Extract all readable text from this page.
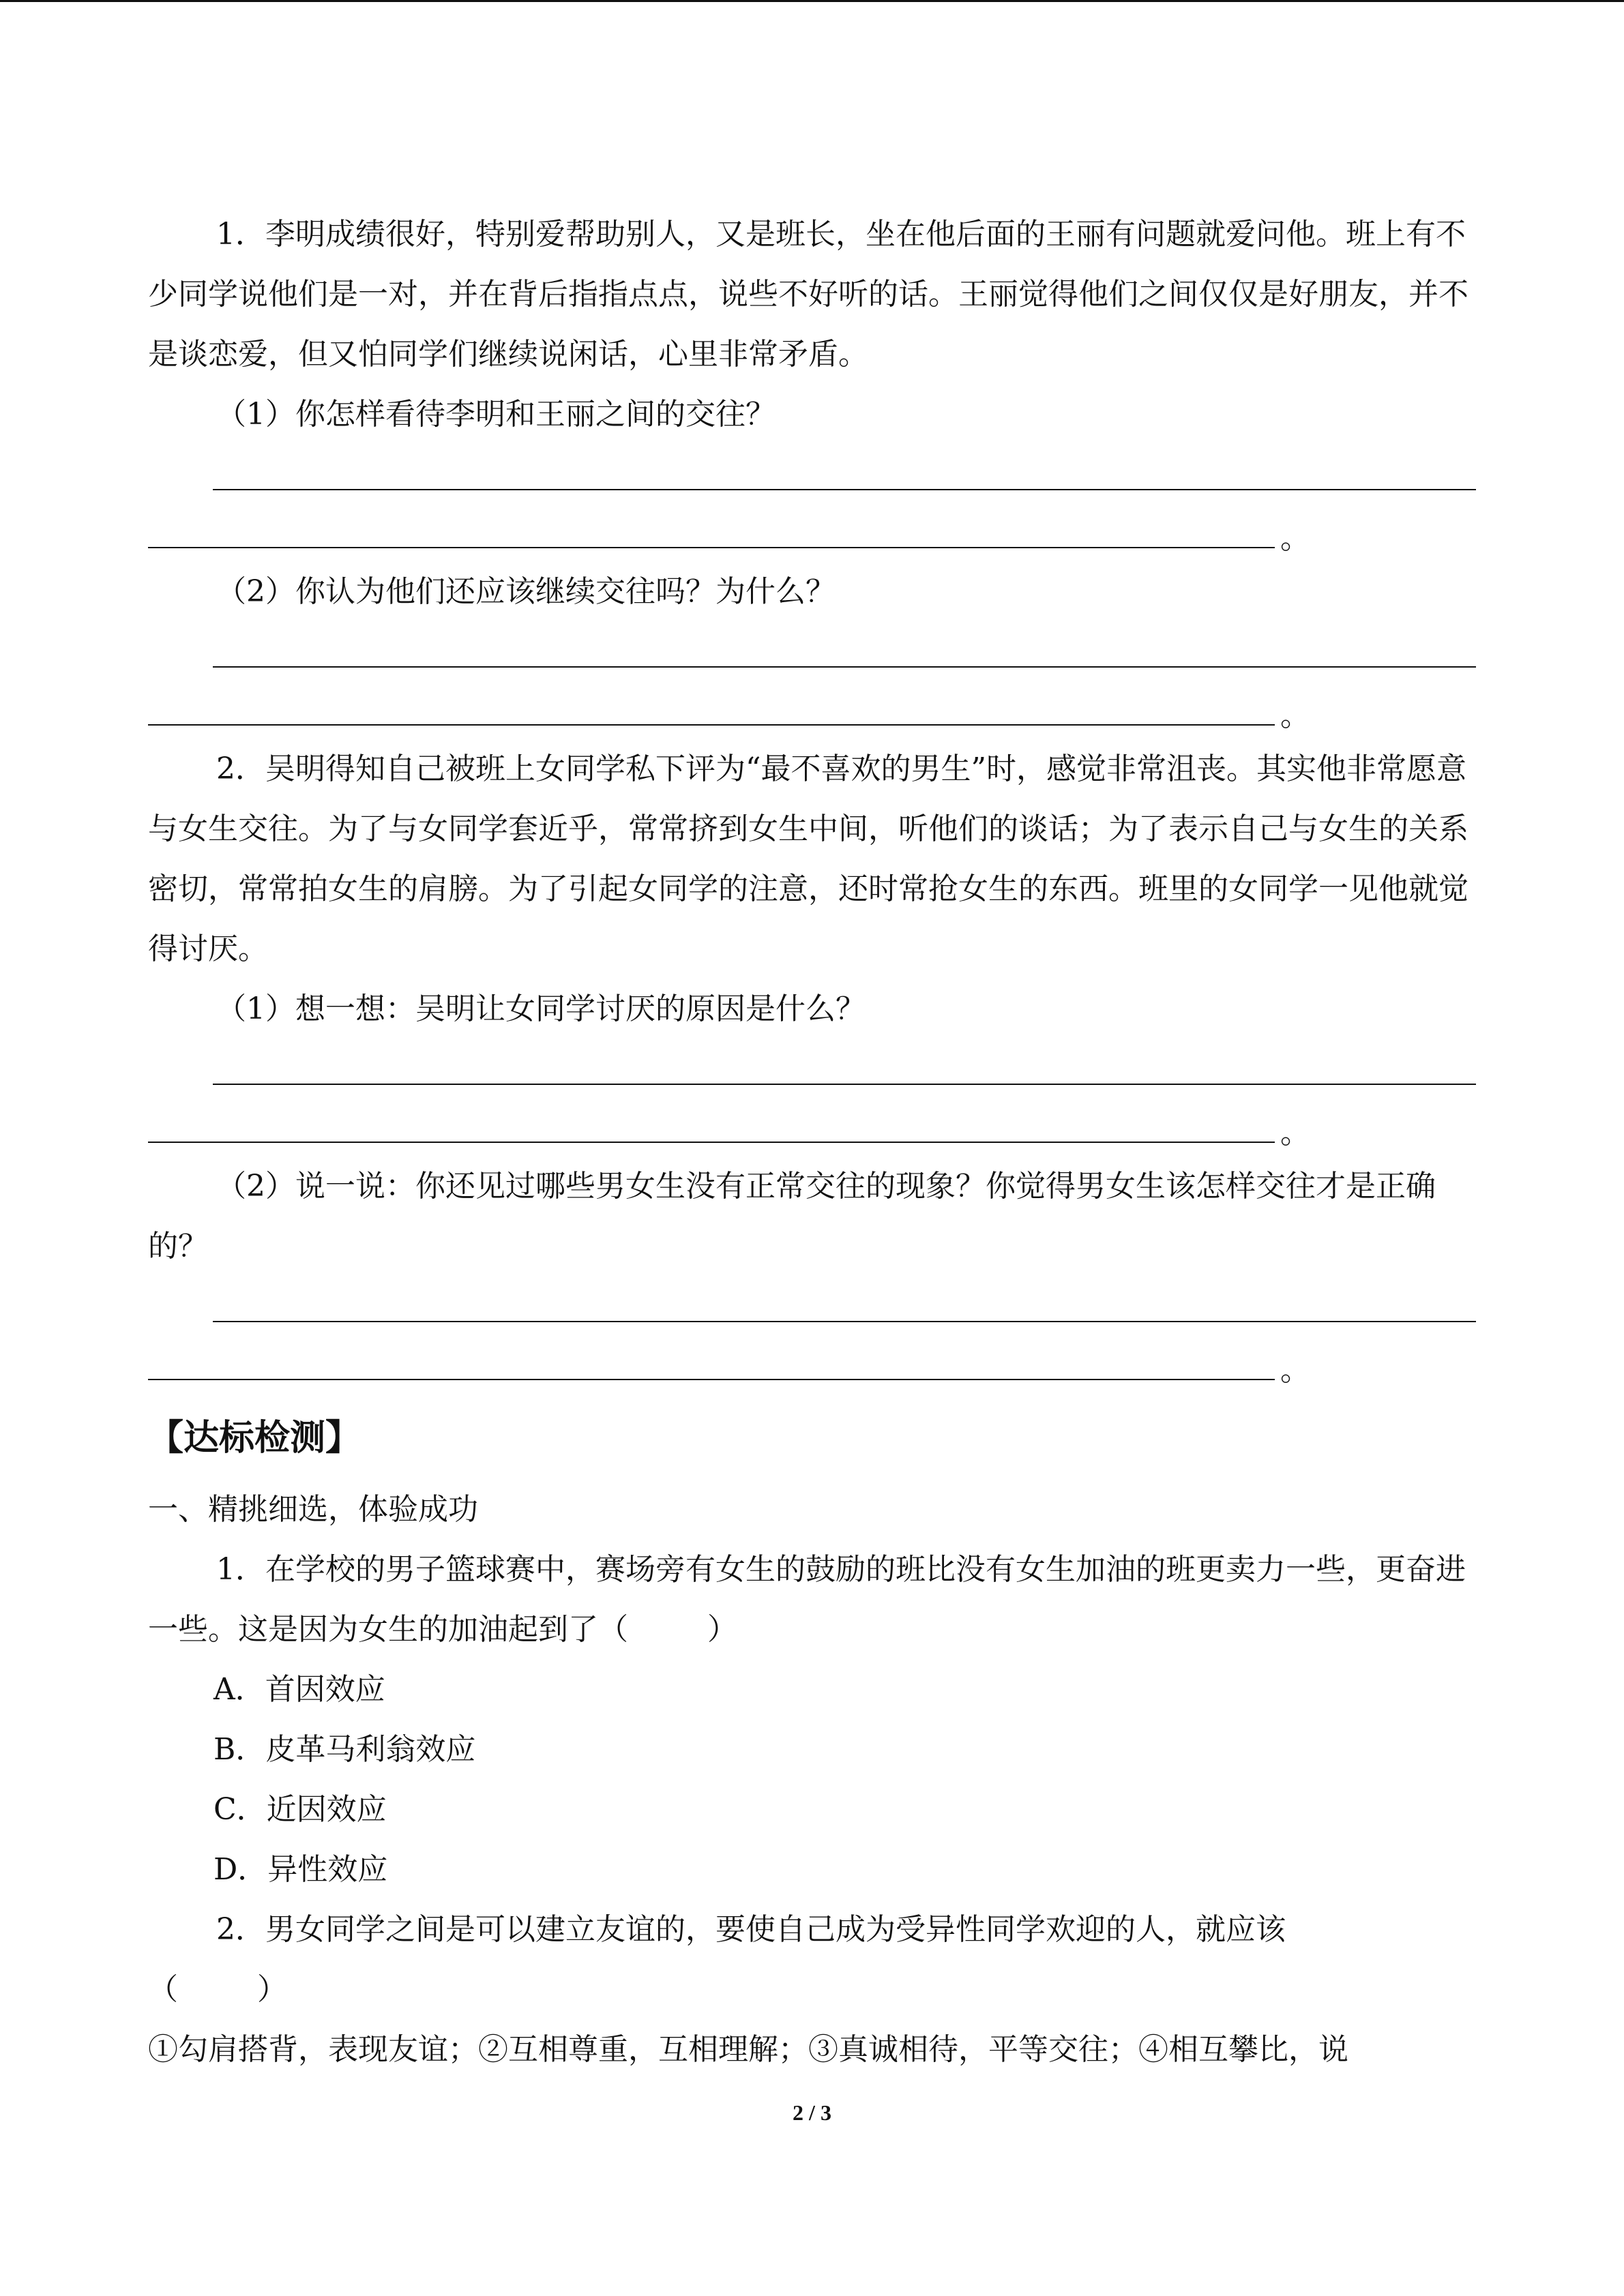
1．李明成绩很好，特别爱帮助别人，又是班长，坐在他后面的王丽有问题就爱问他。班上有不少同学说他们是一对，并在背后指指点点，说些不好听的话。王丽觉得他们之间仅仅是好朋友，并不是谈恋爱，但又怕同学们继续说闲话，心里非常矛盾。

（1）你怎样看待李明和王丽之间的交往？

。

（2）你认为他们还应该继续交往吗？为什么？

。

2．吴明得知自己被班上女同学私下评为“最不喜欢的男生”时，感觉非常沮丧。其实他非常愿意与女生交往。为了与女同学套近乎，常常挤到女生中间，听他们的谈话；为了表示自己与女生的关系密切，常常拍女生的肩膀。为了引起女同学的注意，还时常抢女生的东西。班里的女同学一见他就觉得讨厌。

（1）想一想：吴明让女同学讨厌的原因是什么？

。

（2）说一说：你还见过哪些男女生没有正常交往的现象？你觉得男女生该怎样交往才是正确的？

。
【达标检测】

一、精挑细选，体验成功

1．在学校的男子篮球赛中，赛场旁有女生的鼓励的班比没有女生加油的班更卖力一些，更奋进一些。这是因为女生的加油起到了（	）

A．首因效应

B．皮革马利翁效应

C．近因效应

D．异性效应

2．男女同学之间是可以建立友谊的，要使自己成为受异性同学欢迎的人，就应该

（	）

①勾肩搭背，表现友谊；②互相尊重，互相理解；③真诚相待，平等交往；④相互攀比，说

2 / 3
